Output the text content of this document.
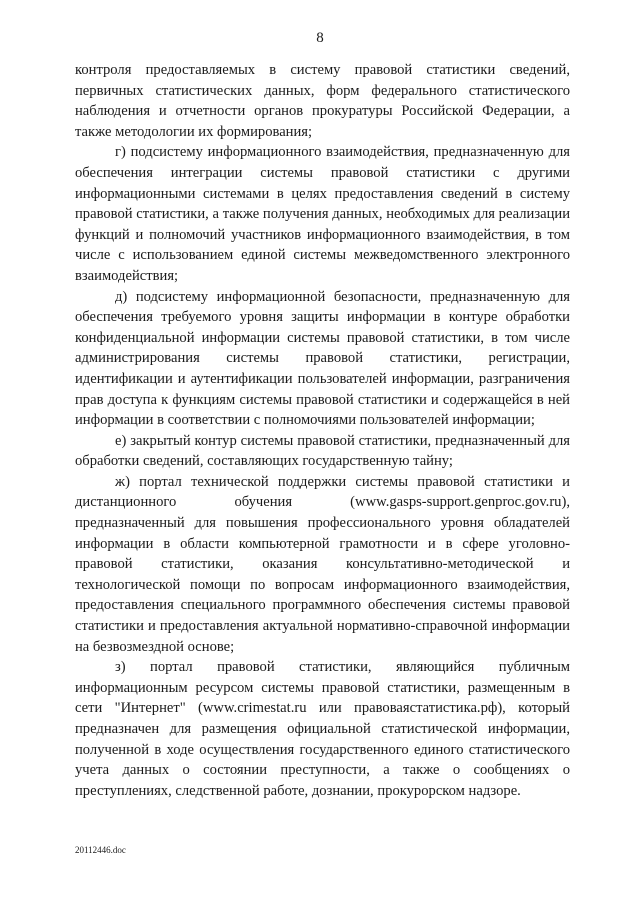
8

контроля предоставляемых в систему правовой статистики сведений, первичных статистических данных, форм федерального статистического наблюдения и отчетности органов прокуратуры Российской Федерации, а также методологии их формирования;

г) подсистему информационного взаимодействия, предназначенную для обеспечения интеграции системы правовой статистики с другими информационными системами в целях предоставления сведений в систему правовой статистики, а также получения данных, необходимых для реализации функций и полномочий участников информационного взаимодействия, в том числе с использованием единой системы межведомственного электронного взаимодействия;

д) подсистему информационной безопасности, предназначенную для обеспечения требуемого уровня защиты информации в контуре обработки конфиденциальной информации системы правовой статистики, в том числе администрирования системы правовой статистики, регистрации, идентификации и аутентификации пользователей информации, разграничения прав доступа к функциям системы правовой статистики и содержащейся в ней информации в соответствии с полномочиями пользователей информации;

е) закрытый контур системы правовой статистики, предназначенный для обработки сведений, составляющих государственную тайну;

ж) портал технической поддержки системы правовой статистики и дистанционного обучения (www.gasps-support.genproc.gov.ru), предназначенный для повышения профессионального уровня обладателей информации в области компьютерной грамотности и в сфере уголовно-правовой статистики, оказания консультативно-методической и технологической помощи по вопросам информационного взаимодействия, предоставления специального программного обеспечения системы правовой статистики и предоставления актуальной нормативно-справочной информации на безвозмездной основе;

з) портал правовой статистики, являющийся публичным информационным ресурсом системы правовой статистики, размещенным в сети "Интернет" (www.crimestat.ru или правоваястатистика.рф), который предназначен для размещения официальной статистической информации, полученной в ходе осуществления государственного единого статистического учета данных о состоянии преступности, а также о сообщениях о преступлениях, следственной работе, дознании, прокурорском надзоре.

20112446.doc
